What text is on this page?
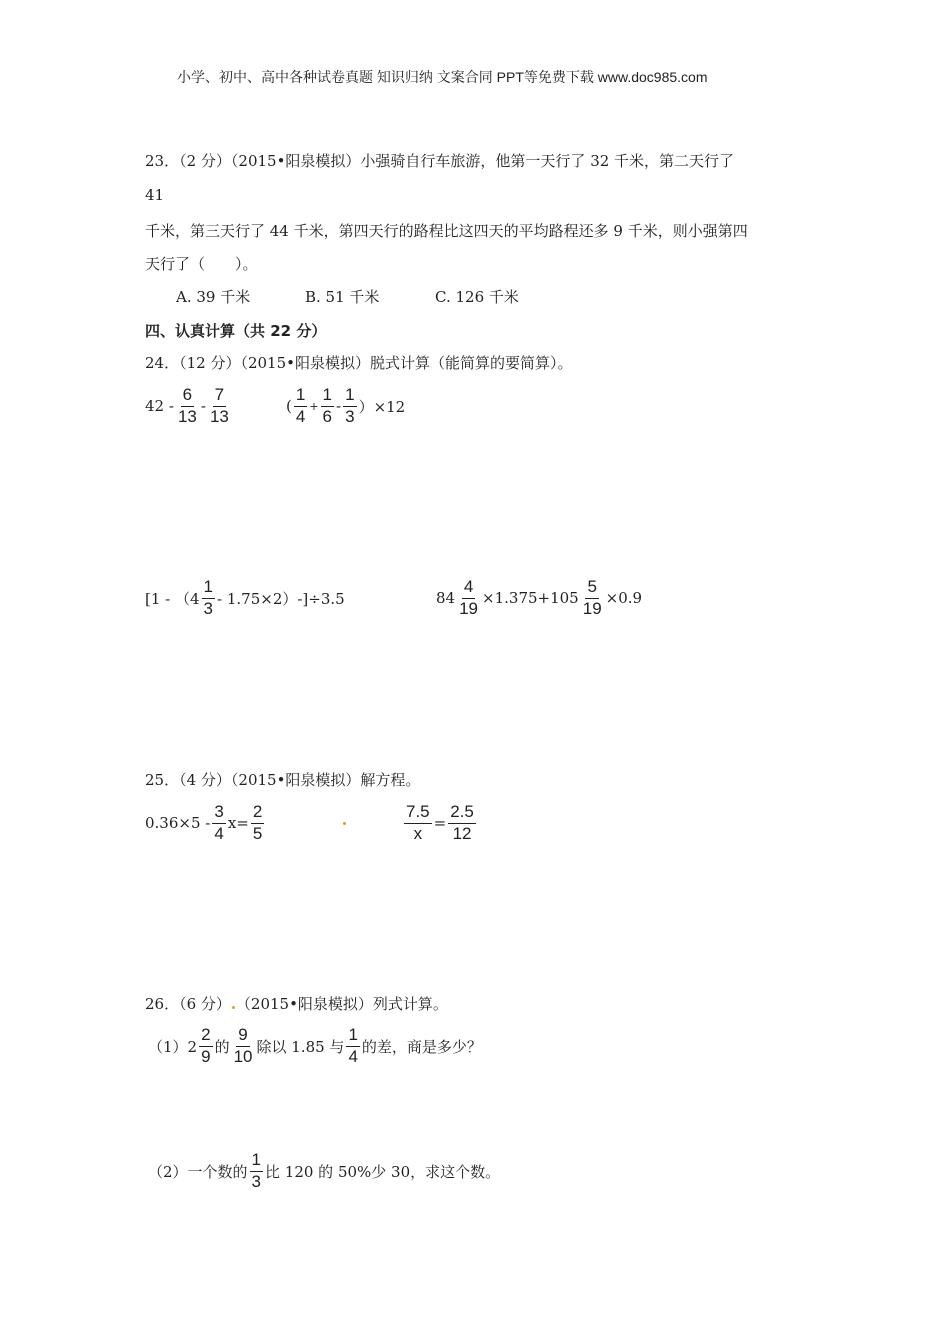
小学、初中、高中各种试卷真题 知识归纳 文案合同 PPT等免费下载 www.doc985.com
23．（2 分）（2015•阳泉模拟）小强骑自行车旅游，他第一天行了 32 千米，第二天行了
41
千米，第三天行了 44 千米，第四天行的路程比这四天的平均路程还多 9 千米，则小强第四
天行了（　　）。
A. 39 千米	B. 51 千米	C. 126 千米
四、认真计算（共 22 分）
24．（12 分）（2015•阳泉模拟）脱式计算（能简算的要简算）。
$42 - \frac{6}{13} - \frac{7}{13}$	( $\frac{1}{4} + \frac{1}{6} - \frac{1}{3} )\times 12$
$[1 - (4 \frac{1}{3} - 1.75\times 2)-]\div 3.5$	$84 \frac{4}{19} \times 1.375+105 \frac{5}{19} \times 0.9$
25．（4 分）（2015•阳泉模拟）解方程。
$0.36\times 5 - \frac{3}{4} x= \frac{2}{5}$	$\frac{7.5}{x} = \frac{2.5}{12}$
26．（6 分） （2015•阳泉模拟）列式计算。
$(1)2 \frac{2}{9}$ 的 $\frac{9}{10}$ 除以 1.85 与 $\frac{1}{4}$ 的差，商是多少？
（2）一个数的 $\frac{1}{3}$ 比 120 的 50%少 30，求这个数。
